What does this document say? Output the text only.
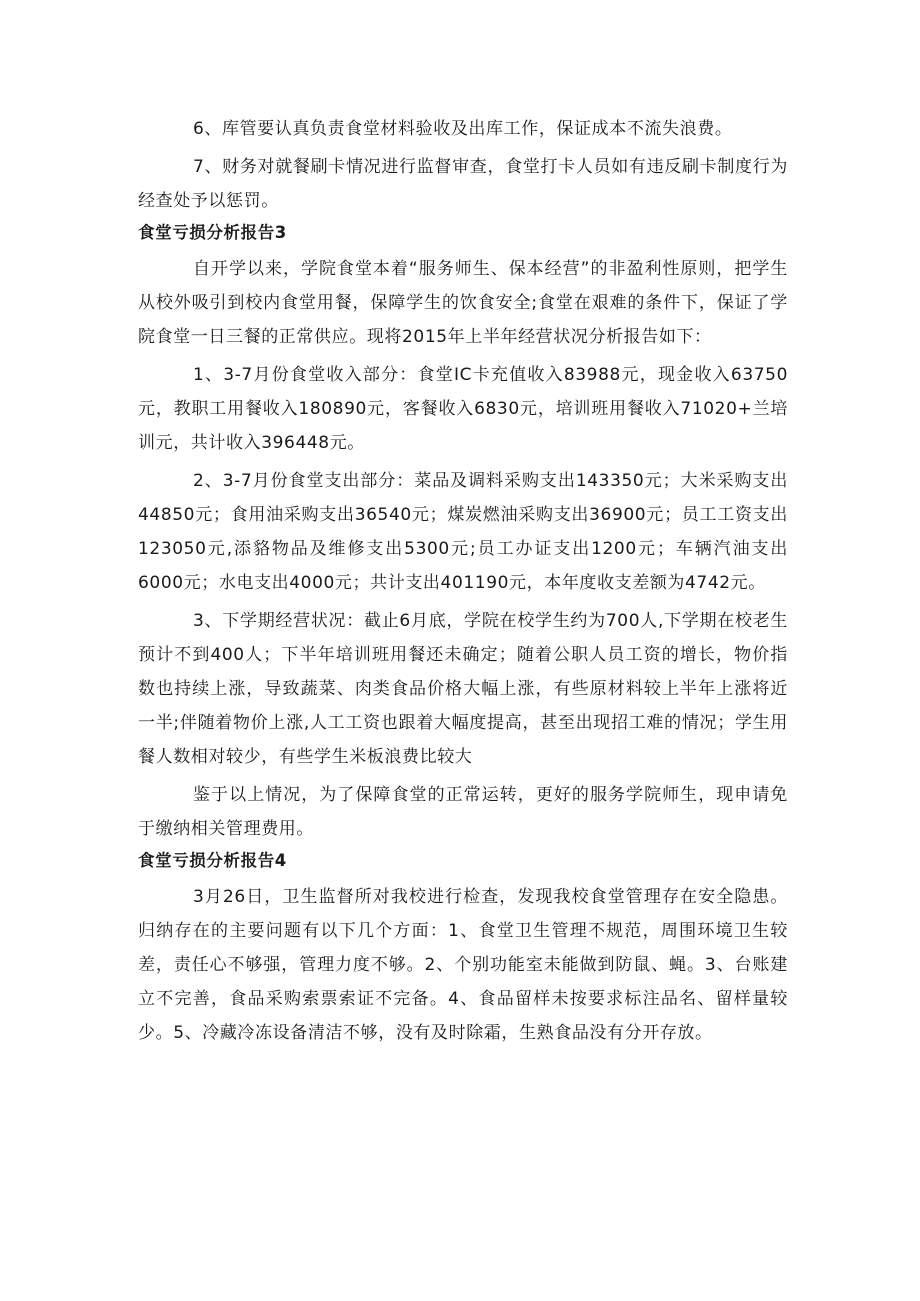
6、库管要认真负责食堂材料验收及出库工作，保证成本不流失浪费。

7、财务对就餐刷卡情况进行监督审查，食堂打卡人员如有违反刷卡制度行为经查处予以惩罚。

食堂亏损分析报告3

自开学以来，学院食堂本着“服务师生、保本经营”的非盈利性原则，把学生从校外吸引到校内食堂用餐，保障学生的饮食安全;食堂在艰难的条件下，保证了学院食堂一日三餐的正常供应。现将2015年上半年经营状况分析报告如下：

1、3-7月份食堂收入部分：食堂IC卡充值收入83988元，现金收入63750元，教职工用餐收入180890元，客餐收入6830元，培训班用餐收入71020+兰培训元，共计收入396448元。

2、3-7月份食堂支出部分：菜品及调料采购支出143350元；大米采购支出44850元；食用油采购支出36540元；煤炭燃油采购支出36900元；员工工资支出123050元,添貉物品及维修支出5300元;员工办证支出1200元；车辆汽油支出6000元；水电支出4000元；共计支出401190元，本年度收支差额为4742元。

3、下学期经营状况：截止6月底，学院在校学生约为700人,下学期在校老生预计不到400人；下半年培训班用餐还未确定；随着公职人员工资的增长，物价指数也持续上涨，导致蔬菜、肉类食品价格大幅上涨，有些原材料较上半年上涨将近一半;伴随着物价上涨,人工工资也跟着大幅度提高，甚至出现招工难的情况；学生用餐人数相对较少，有些学生米板浪费比较大

鉴于以上情况，为了保障食堂的正常运转，更好的服务学院师生，现申请免于缴纳相关管理费用。

食堂亏损分析报告4

3月26日，卫生监督所对我校进行检查，发现我校食堂管理存在安全隐患。归纳存在的主要问题有以下几个方面：1、食堂卫生管理不规范，周围环境卫生较差，责任心不够强，管理力度不够。2、个别功能室未能做到防鼠、蝇。3、台账建立不完善，食品采购索票索证不完备。4、食品留样未按要求标注品名、留样量较少。5、冷藏冷冻设备清洁不够，没有及时除霜，生熟食品没有分开存放。
